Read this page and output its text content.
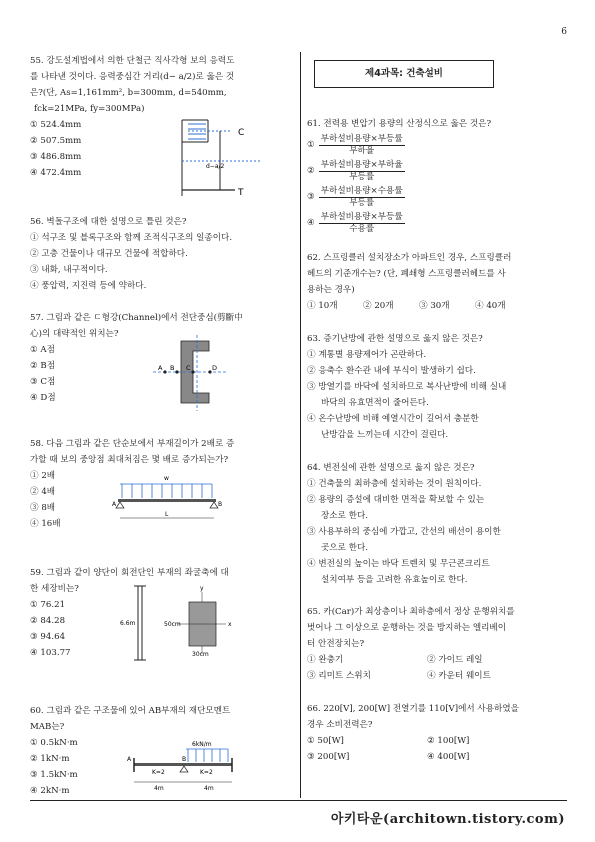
6

55. 강도설계법에서 의한 단철근 직사각형 보의 응력도

를 나타낸 것이다. 응력중심간 거리(d− a/2)로 옳은 것

은?(단, As=1,161mm², b=300mm, d=540mm,

fck=21MPa, fy=300MPa)

① 524.4mm

② 507.5mm

③ 486.8mm

④ 472.4mm

C
d−a/2
T

56. 벽돌구조에 대한 설명으로 틀린 것은?

① 석구조 및 블록구조와 함께 조적식구조의 일종이다.

② 고층 건물이나 대규모 건물에 적합하다.

③ 내화, 내구적이다.

④ 풍압력, 지진력 등에 약하다.

57. 그림과 같은 ㄷ형강(Channel)에서 전단중심(剪斷中

心)의 대략적인 위치는?

① A점

② B점

③ C점

④ D점

A B C	D

58. 다음 그림과 같은 단순보에서 부재길이가 2배로 증

가할 때 보의 중앙점 최대처짐은 몇 배로 증가되는가?

① 2배

② 4배

③ 8배

④ 16배

w
A	B
L

59. 그림과 같이 양단이 회전단인 부재의 좌굴축에 대

한 세장비는?

① 76.21

② 84.28

③ 94.64

④ 103.77

6.6m
y
x
50cm
30cm

60. 그림과 같은 구조물에 있어 AB부재의 재단모멘트

MAB는?

① 0.5kN·m

② 1kN·m

③ 1.5kN·m

④ 2kN·m

6kN/m
A	B
K=2	K=2
4m	4m
제4과목: 건축설비

61. 전력용 변압기 용량의 산정식으로 옳은 것은?

① $\frac{\text{부하설비용량×부등률}}{\text{부하율}}$
② $\frac{\text{부하설비용량×부하율}}{\text{부등률}}$
③ $\frac{\text{부하설비용량×수용률}}{\text{부등률}}$
④ $\frac{\text{부하설비용량×부등률}}{\text{수용률}}$

62. 스프링클러 설치장소가 아파트인 경우, 스프링클러

헤드의 기준개수는? (단, 폐쇄형 스프링클러헤드를 사

용하는 경우)

① 10개	② 20개	③ 30개	④ 40개

63. 증기난방에 관한 설명으로 옳지 않은 것은?

① 계통별 용량제어가 곤란하다.

② 응축수 환수관 내에 부식이 발생하기 쉽다.

③ 방열기를 바닥에 설치하므로 복사난방에 비해 실내

바닥의 유효면적이 줄어든다.

④ 온수난방에 비해 예열시간이 길어서 충분한

난방감을 느끼는데 시간이 걸린다.

64. 변전실에 관한 설명으로 옳지 않은 것은?

① 건축물의 최하층에 설치하는 것이 원칙이다.

② 용량의 증설에 대비한 면적을 확보할 수 있는

장소로 한다.

③ 사용부하의 중심에 가깝고, 간선의 배선이 용이한

곳으로 한다.

④ 변전실의 높이는 바닥 트렌치 및 무근콘크리트

설치여부 등을 고려한 유효높이로 한다.

65. 카(Car)가 최상층이나 최하층에서 정상 운행위치를

벗어나 그 이상으로 운행하는 것을 방지하는 엘리베이

터 안전장치는?

① 완충기	② 가이드 레일

③ 리미트 스위치	④ 카운터 웨이트

66. 220[V], 200[W] 전열기를 110[V]에서 사용하였을

경우 소비전력은?

① 50[W]	② 100[W]

③ 200[W]	④ 400[W]

아키타운(architown.tistory.com)
